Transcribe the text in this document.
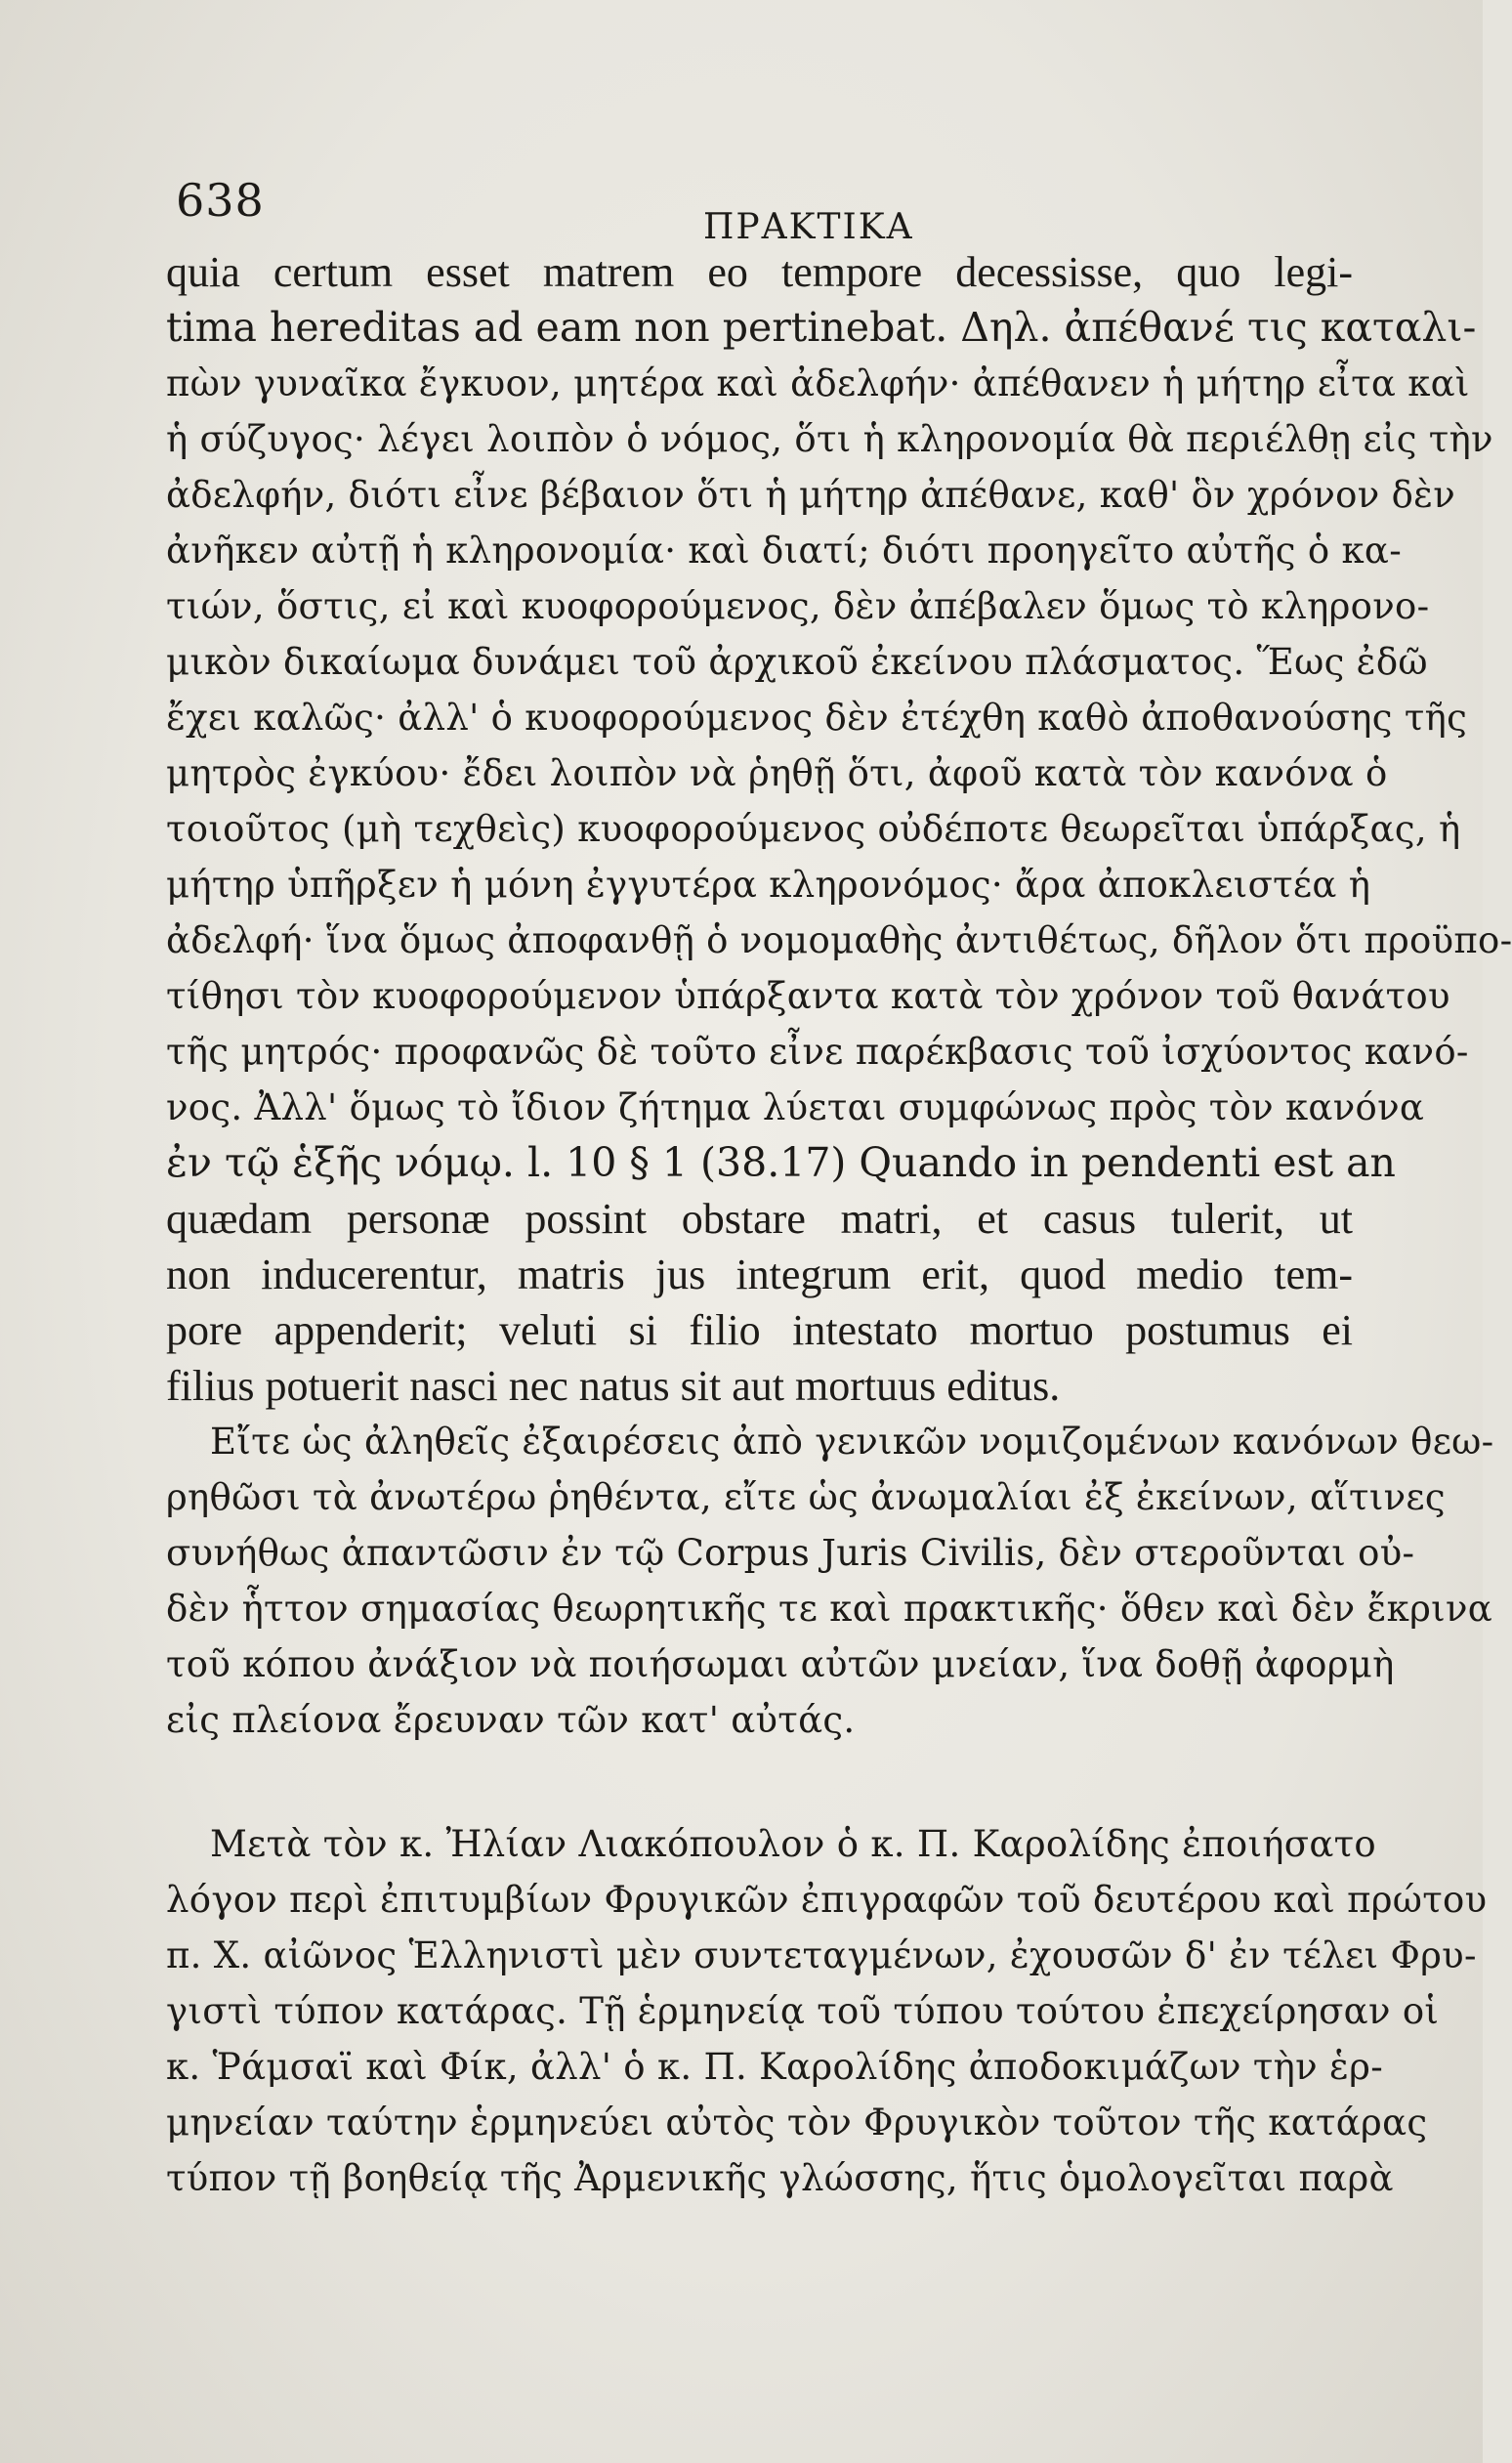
638
ΠΡΑΚΤΙΚΑ
quia certum esset matrem eo tempore decessisse, quo legi-
tima hereditas ad eam non pertinebat. Δηλ. ἀπέθανέ τις καταλι-
πὼν γυναῖκα ἔγκυον, μητέρα καὶ ἀδελφήν· ἀπέθανεν ἡ μήτηρ εἶτα καὶ
ἡ σύζυγος· λέγει λοιπὸν ὁ νόμος, ὅτι ἡ κληρονομία θὰ περιέλθῃ εἰς τὴν
ἀδελφήν, διότι εἶνε βέβαιον ὅτι ἡ μήτηρ ἀπέθανε, καθ' ὃν χρόνον δὲν
ἀνῆκεν αὐτῇ ἡ κληρονομία· καὶ διατί; διότι προηγεῖτο αὐτῆς ὁ κα-
τιών, ὅστις, εἰ καὶ κυοφορούμενος, δὲν ἀπέβαλεν ὅμως τὸ κληρονο-
μικὸν δικαίωμα δυνάμει τοῦ ἀρχικοῦ ἐκείνου πλάσματος. Ἕως ἐδῶ
ἔχει καλῶς· ἀλλ' ὁ κυοφορούμενος δὲν ἐτέχθη καθὸ ἀποθανούσης τῆς
μητρὸς ἐγκύου· ἔδει λοιπὸν νὰ ῥηθῇ ὅτι, ἀφοῦ κατὰ τὸν κανόνα ὁ
τοιοῦτος (μὴ τεχθεὶς) κυοφορούμενος οὐδέποτε θεωρεῖται ὑπάρξας, ἡ
μήτηρ ὑπῆρξεν ἡ μόνη ἐγγυτέρα κληρονόμος· ἄρα ἀποκλειστέα ἡ
ἀδελφή· ἵνα ὅμως ἀποφανθῇ ὁ νομομαθὴς ἀντιθέτως, δῆλον ὅτι προϋπο-
τίθησι τὸν κυοφορούμενον ὑπάρξαντα κατὰ τὸν χρόνον τοῦ θανάτου
τῆς μητρός· προφανῶς δὲ τοῦτο εἶνε παρέκβασις τοῦ ἰσχύοντος κανό-
νος. Ἀλλ' ὅμως τὸ ἴδιον ζήτημα λύεται συμφώνως πρὸς τὸν κανόνα
ἐν τῷ ἑξῆς νόμῳ. l. 10 § 1 (38.17) Quando in pendenti est an
quædam personæ possint obstare matri, et casus tulerit, ut
non inducerentur, matris jus integrum erit, quod medio tem-
pore appenderit; veluti si filio intestato mortuo postumus ei
filius potuerit nasci nec natus sit aut mortuus editus.
Εἴτε ὡς ἀληθεῖς ἐξαιρέσεις ἀπὸ γενικῶν νομιζομένων κανόνων θεω-
ρηθῶσι τὰ ἀνωτέρω ῥηθέντα, εἴτε ὡς ἀνωμαλίαι ἐξ ἐκείνων, αἵτινες
συνήθως ἀπαντῶσιν ἐν τῷ Corpus Juris Civilis, δὲν στεροῦνται οὐ-
δὲν ἧττον σημασίας θεωρητικῆς τε καὶ πρακτικῆς· ὅθεν καὶ δὲν ἔκρινα
τοῦ κόπου ἀνάξιον νὰ ποιήσωμαι αὐτῶν μνείαν, ἵνα δοθῇ ἀφορμὴ
εἰς πλείονα ἔρευναν τῶν κατ' αὐτάς.
Μετὰ τὸν κ. Ἠλίαν Λιακόπουλον ὁ κ. Π. Καρολίδης ἐποιήσατο
λόγον περὶ ἐπιτυμβίων Φρυγικῶν ἐπιγραφῶν τοῦ δευτέρου καὶ πρώτου
π. Χ. αἰῶνος Ἑλληνιστὶ μὲν συντεταγμένων, ἐχουσῶν δ' ἐν τέλει Φρυ-
γιστὶ τύπον κατάρας. Τῇ ἑρμηνείᾳ τοῦ τύπου τούτου ἐπεχείρησαν οἱ
κ. Ῥάμσαϊ καὶ Φίκ, ἀλλ' ὁ κ. Π. Καρολίδης ἀποδοκιμάζων τὴν ἑρ-
μηνείαν ταύτην ἑρμηνεύει αὐτὸς τὸν Φρυγικὸν τοῦτον τῆς κατάρας
τύπον τῇ βοηθείᾳ τῆς Ἀρμενικῆς γλώσσης, ἥτις ὁμολογεῖται παρὰ
